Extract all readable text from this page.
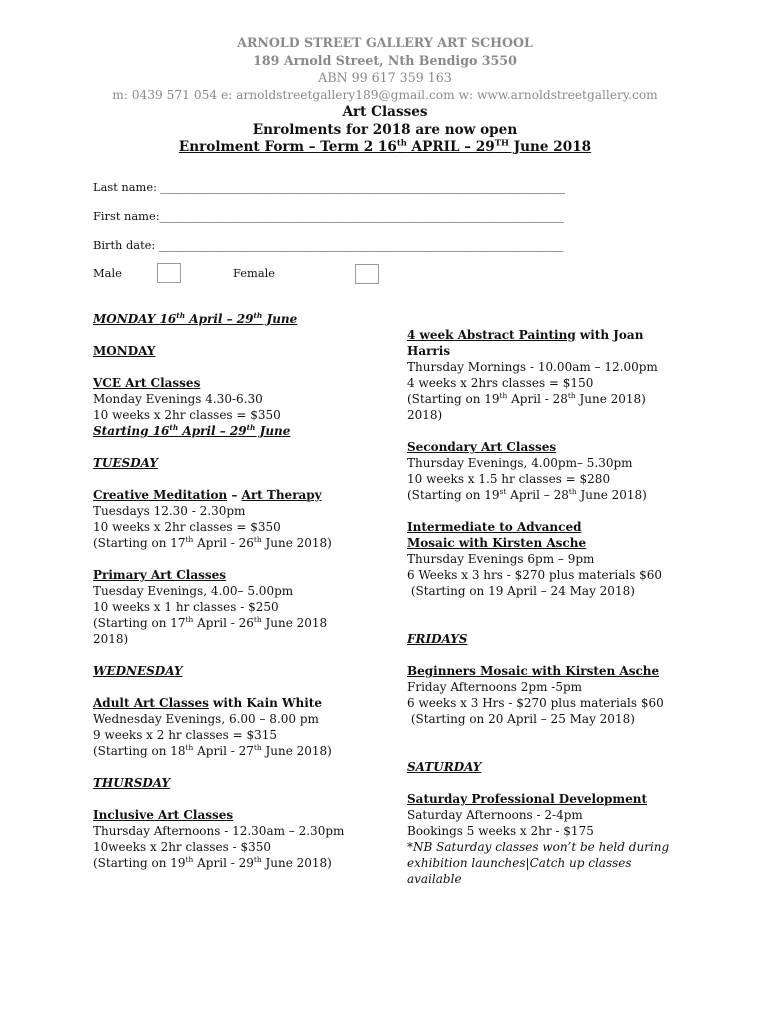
ARNOLD STREET GALLERY ART SCHOOL
189 Arnold Street, Nth Bendigo 3550
ABN 99 617 359 163
m: 0439 571 054 e: arnoldstreetgallery189@gmail.com w: www.arnoldstreetgallery.com
Art Classes
Enrolments for 2018 are now open
Enrolment Form – Term 2 16th APRIL – 29TH June 2018
Last name: _______________________________________________________________________
First name:_______________________________________________________________________
Birth date: _______________________________________________________________________
Male	Female

MONDAY 16th April – 29th June

MONDAY

VCE Art Classes

Monday Evenings 4.30-6.30

10 weeks x 2hr classes = $350

Starting 16th April – 29th June

TUESDAY

Creative Meditation – Art Therapy

Tuesdays 12.30 - 2.30pm

10 weeks x 2hr classes = $350

(Starting on 17th April - 26th June 2018)

Primary Art Classes

Tuesday Evenings, 4.00– 5.00pm

10 weeks x 1 hr classes - $250

(Starting on 17th April - 26th June 2018

2018)

WEDNESDAY

Adult Art Classes with Kain White

Wednesday Evenings, 6.00 – 8.00 pm

9 weeks x 2 hr classes = $315

(Starting on 18th April - 27th June 2018)

THURSDAY

Inclusive Art Classes

Thursday Afternoons - 12.30am – 2.30pm

10weeks x 2hr classes - $350

(Starting on 19th April - 29th June 2018)

4 week Abstract Painting with Joan

Harris

Thursday Mornings - 10.00am – 12.00pm

4 weeks x 2hrs classes = $150

(Starting on 19th April - 28th June 2018)

2018)

Secondary Art Classes

Thursday Evenings, 4.00pm– 5.30pm

10 weeks x 1.5 hr classes = $280

(Starting on 19st April – 28th June 2018)

Intermediate to Advanced

Mosaic with Kirsten Asche

Thursday Evenings 6pm – 9pm

6 Weeks x 3 hrs - $270 plus materials $60

(Starting on 19 April – 24 May 2018)

FRIDAYS

Beginners Mosaic with Kirsten Asche

Friday Afternoons 2pm -5pm

6 weeks x 3 Hrs - $270 plus materials $60

(Starting on 20 April – 25 May 2018)

SATURDAY

Saturday Professional Development

Saturday Afternoons - 2-4pm

Bookings 5 weeks x 2hr - $175

*NB Saturday classes won’t be held during

exhibition launches|Catch up classes

available
